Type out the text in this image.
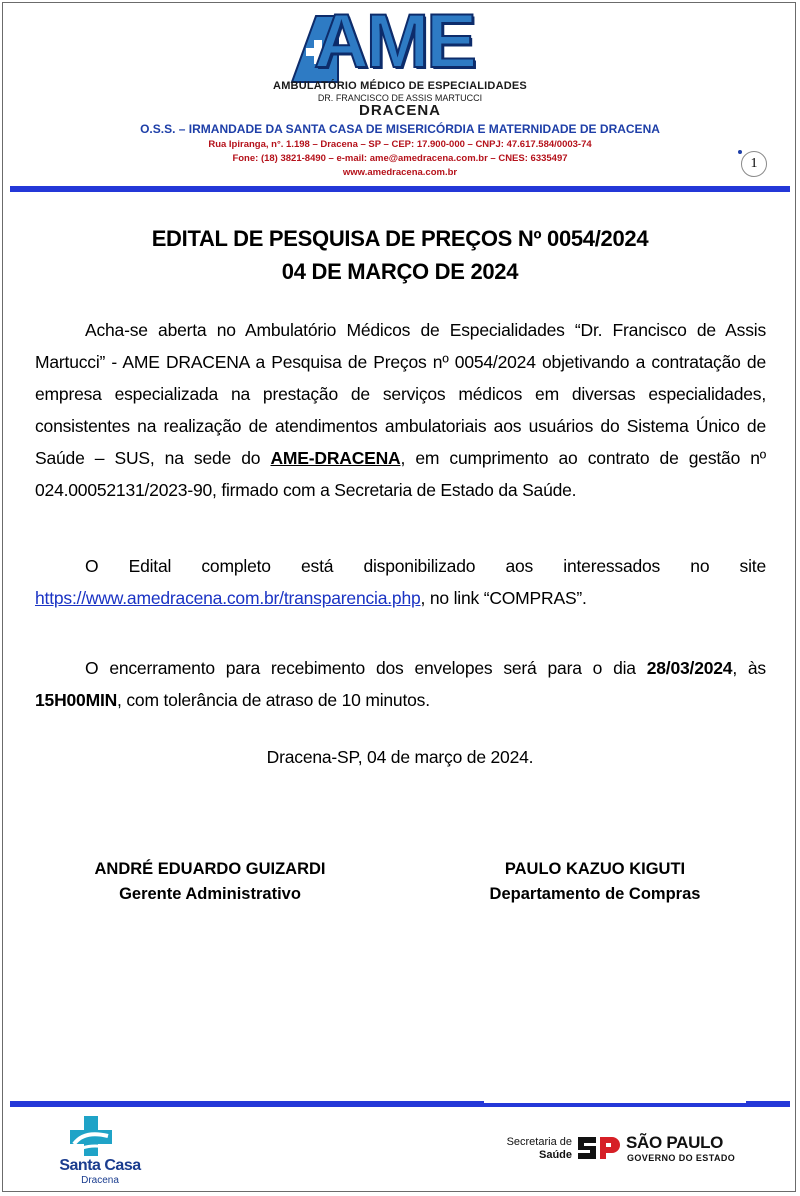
AME
AMBULATÓRIO MÉDICO DE ESPECIALIDADES
DR. FRANCISCO DE ASSIS MARTUCCI
DRACENA
O.S.S. – IRMANDADE DA SANTA CASA DE MISERICÓRDIA E MATERNIDADE DE DRACENA
Rua Ipiranga, n°. 1.198 – Dracena – SP – CEP: 17.900-000 – CNPJ: 47.617.584/0003-74
Fone: (18) 3821-8490 – e-mail: ame@amedracena.com.br – CNES: 6335497
www.amedracena.com.br
1
EDITAL DE PESQUISA DE PREÇOS Nº 0054/2024
04 DE MARÇO DE 2024
Acha-se aberta no Ambulatório Médicos de Especialidades “Dr. Francisco de Assis Martucci” - AME DRACENA a Pesquisa de Preços nº 0054/2024 objetivando a contratação de empresa especializada na prestação de serviços médicos em diversas especialidades, consistentes na realização de atendimentos ambulatoriais aos usuários do Sistema Único de Saúde – SUS, na sede do AME-DRACENA, em cumprimento ao contrato de gestão nº 024.00052131/2023-90, firmado com a Secretaria de Estado da Saúde.
O Edital completo está disponibilizado aos interessados no site https://www.amedracena.com.br/transparencia.php, no link “COMPRAS”.
O encerramento para recebimento dos envelopes será para o dia 28/03/2024, às 15H00MIN, com tolerância de atraso de 10 minutos.
Dracena-SP, 04 de março de 2024.
ANDRÉ EDUARDO GUIZARDI
Gerente Administrativo
PAULO KAZUO KIGUTI
Departamento de Compras
Santa Casa
Dracena
Secretaria de
Saúde
SÃO PAULO
GOVERNO DO ESTADO
